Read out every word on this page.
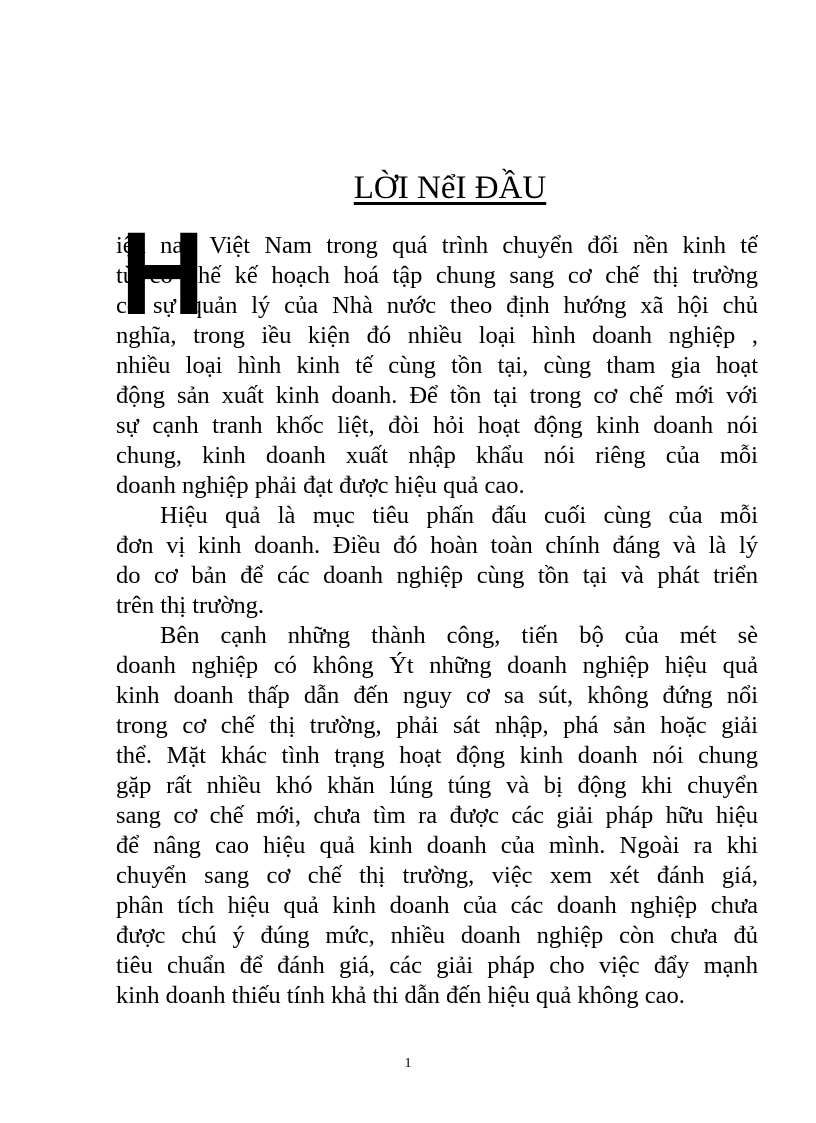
LỜI NểI ĐẦU
H
iện nay Việt Nam trong quá trình chuyển đổi nền kinh tế
từ cơ chế kế hoạch hoá tập chung sang cơ chế thị trường
có sự quản lý của Nhà nước theo định hướng xã hội chủ
nghĩa, trong iều kiện đó nhiều loại hình doanh nghiệp ,
nhiều loại hình kinh tế cùng tồn tại, cùng tham gia hoạt
động sản xuất kinh doanh. Để tồn tại trong cơ chế mới với
sự cạnh tranh khốc liệt, đòi hỏi hoạt động kinh doanh nói
chung, kinh doanh xuất nhập khẩu nói riêng của mỗi
doanh nghiệp phải đạt được hiệu quả cao.
Hiệu quả là mục tiêu phấn đấu cuối cùng của mỗi
đơn vị kinh doanh. Điều đó hoàn toàn chính đáng và là lý
do cơ bản để các doanh nghiệp cùng tồn tại và phát triển
trên thị trường.
Bên cạnh những thành công, tiến bộ của mét sè
doanh nghiệp có không Ýt những doanh nghiệp hiệu quả
kinh doanh thấp dẫn đến nguy cơ sa sút, không đứng nổi
trong cơ chế thị trường, phải sát nhập, phá sản hoặc giải
thể. Mặt khác tình trạng hoạt động kinh doanh nói chung
gặp rất nhiều khó khăn lúng túng và bị động khi chuyển
sang cơ chế mới, chưa tìm ra được các giải pháp hữu hiệu
để nâng cao hiệu quả kinh doanh của mình. Ngoài ra khi
chuyển sang cơ chế thị trường, việc xem xét đánh giá,
phân tích hiệu quả kinh doanh của các doanh nghiệp chưa
được chú ý đúng mức, nhiều doanh nghiệp còn chưa đủ
tiêu chuẩn để đánh giá, các giải pháp cho việc đẩy mạnh
kinh doanh thiếu tính khả thi dẫn đến hiệu quả không cao.
1
